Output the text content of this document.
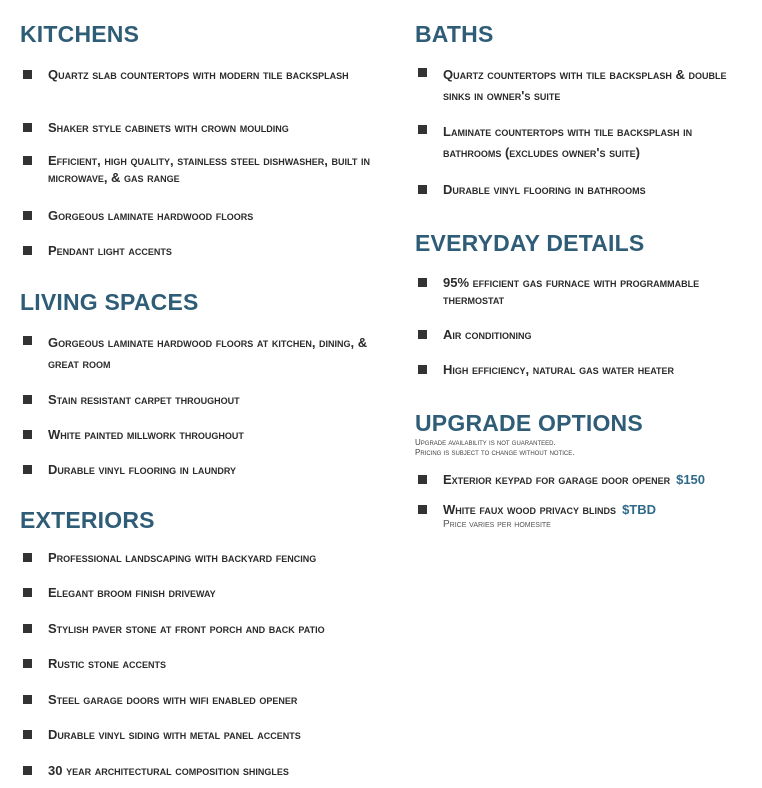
KITCHENS
Quartz slab countertops with modern tile backsplash
Shaker style cabinets with crown moulding
Efficient, high quality, stainless steel dishwasher, built in microwave, & gas range
Gorgeous laminate hardwood floors
Pendant light accents
LIVING SPACES
Gorgeous laminate hardwood floors at kitchen, dining, & great room
Stain resistant carpet throughout
White painted millwork throughout
Durable vinyl flooring in laundry
EXTERIORS
Professional landscaping with backyard fencing
Elegant broom finish driveway
Stylish paver stone at front porch and back patio
Rustic stone accents
Steel garage doors with wifi enabled opener
Durable vinyl siding with metal panel accents
30 year architectural composition shingles
BATHS
Quartz countertops with tile backsplash & double sinks in owner's suite
Laminate countertops with tile backsplash in bathrooms (excludes owner's suite)
Durable vinyl flooring in bathrooms
EVERYDAY DETAILS
95% efficient gas furnace with programmable thermostat
Air conditioning
High efficiency, natural gas water heater
UPGRADE OPTIONS

Upgrade availability is not guaranteed.
Pricing is subject to change without notice.

Exterior keypad for garage door opener $150
White faux wood privacy blinds $TBD
Price varies per homesite
